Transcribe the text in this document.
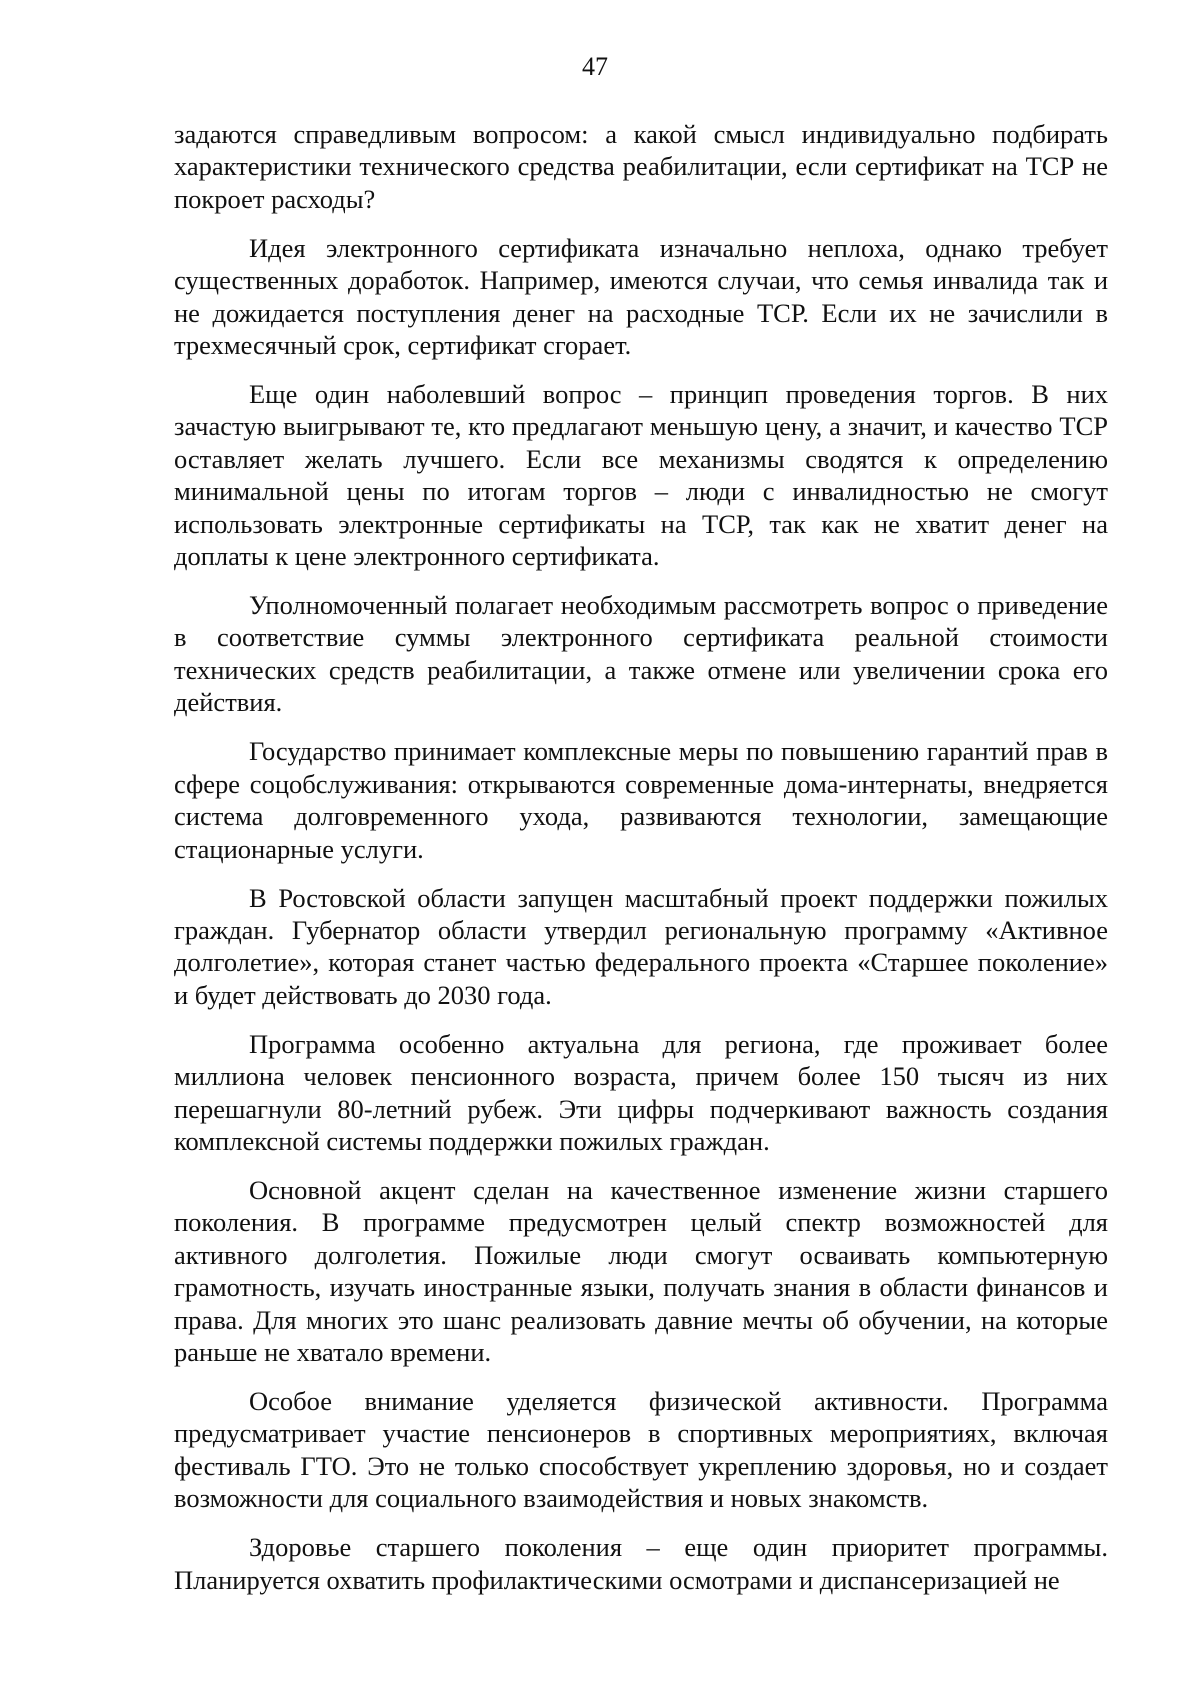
47

задаются справедливым вопросом: а какой смысл индивидуально подбирать характеристики технического средства реабилитации, если сертификат на ТСР не покроет расходы?

Идея электронного сертификата изначально неплоха, однако требует существенных доработок. Например, имеются случаи, что семья инвалида так и не дожидается поступления денег на расходные ТСР. Если их не зачислили в трехмесячный срок, сертификат сгорает.

Еще один наболевший вопрос – принцип проведения торгов. В них зачастую выигрывают те, кто предлагают меньшую цену, а значит, и качество ТСР оставляет желать лучшего. Если все механизмы сводятся к определению минимальной цены по итогам торгов – люди с инвалидностью не смогут использовать электронные сертификаты на ТСР, так как не хватит денег на доплаты к цене электронного сертификата.

Уполномоченный полагает необходимым рассмотреть вопрос о приведение в соответствие суммы электронного сертификата реальной стоимости технических средств реабилитации, а также отмене или увеличении срока его действия.

Государство принимает комплексные меры по повышению гарантий прав в сфере соцобслуживания: открываются современные дома-интернаты, внедряется система долговременного ухода, развиваются технологии, замещающие стационарные услуги.

В Ростовской области запущен масштабный проект поддержки пожилых граждан. Губернатор области утвердил региональную программу «Активное долголетие», которая станет частью федерального проекта «Старшее поколение» и будет действовать до 2030 года.

Программа особенно актуальна для региона, где проживает более миллиона человек пенсионного возраста, причем более 150 тысяч из них перешагнули 80-летний рубеж. Эти цифры подчеркивают важность создания комплексной системы поддержки пожилых граждан.

Основной акцент сделан на качественное изменение жизни старшего поколения. В программе предусмотрен целый спектр возможностей для активного долголетия. Пожилые люди смогут осваивать компьютерную грамотность, изучать иностранные языки, получать знания в области финансов и права. Для многих это шанс реализовать давние мечты об обучении, на которые раньше не хватало времени.

Особое внимание уделяется физической активности. Программа предусматривает участие пенсионеров в спортивных мероприятиях, включая фестиваль ГТО. Это не только способствует укреплению здоровья, но и создает возможности для социального взаимодействия и новых знакомств.

Здоровье старшего поколения – еще один приоритет программы. Планируется охватить профилактическими осмотрами и диспансеризацией не
